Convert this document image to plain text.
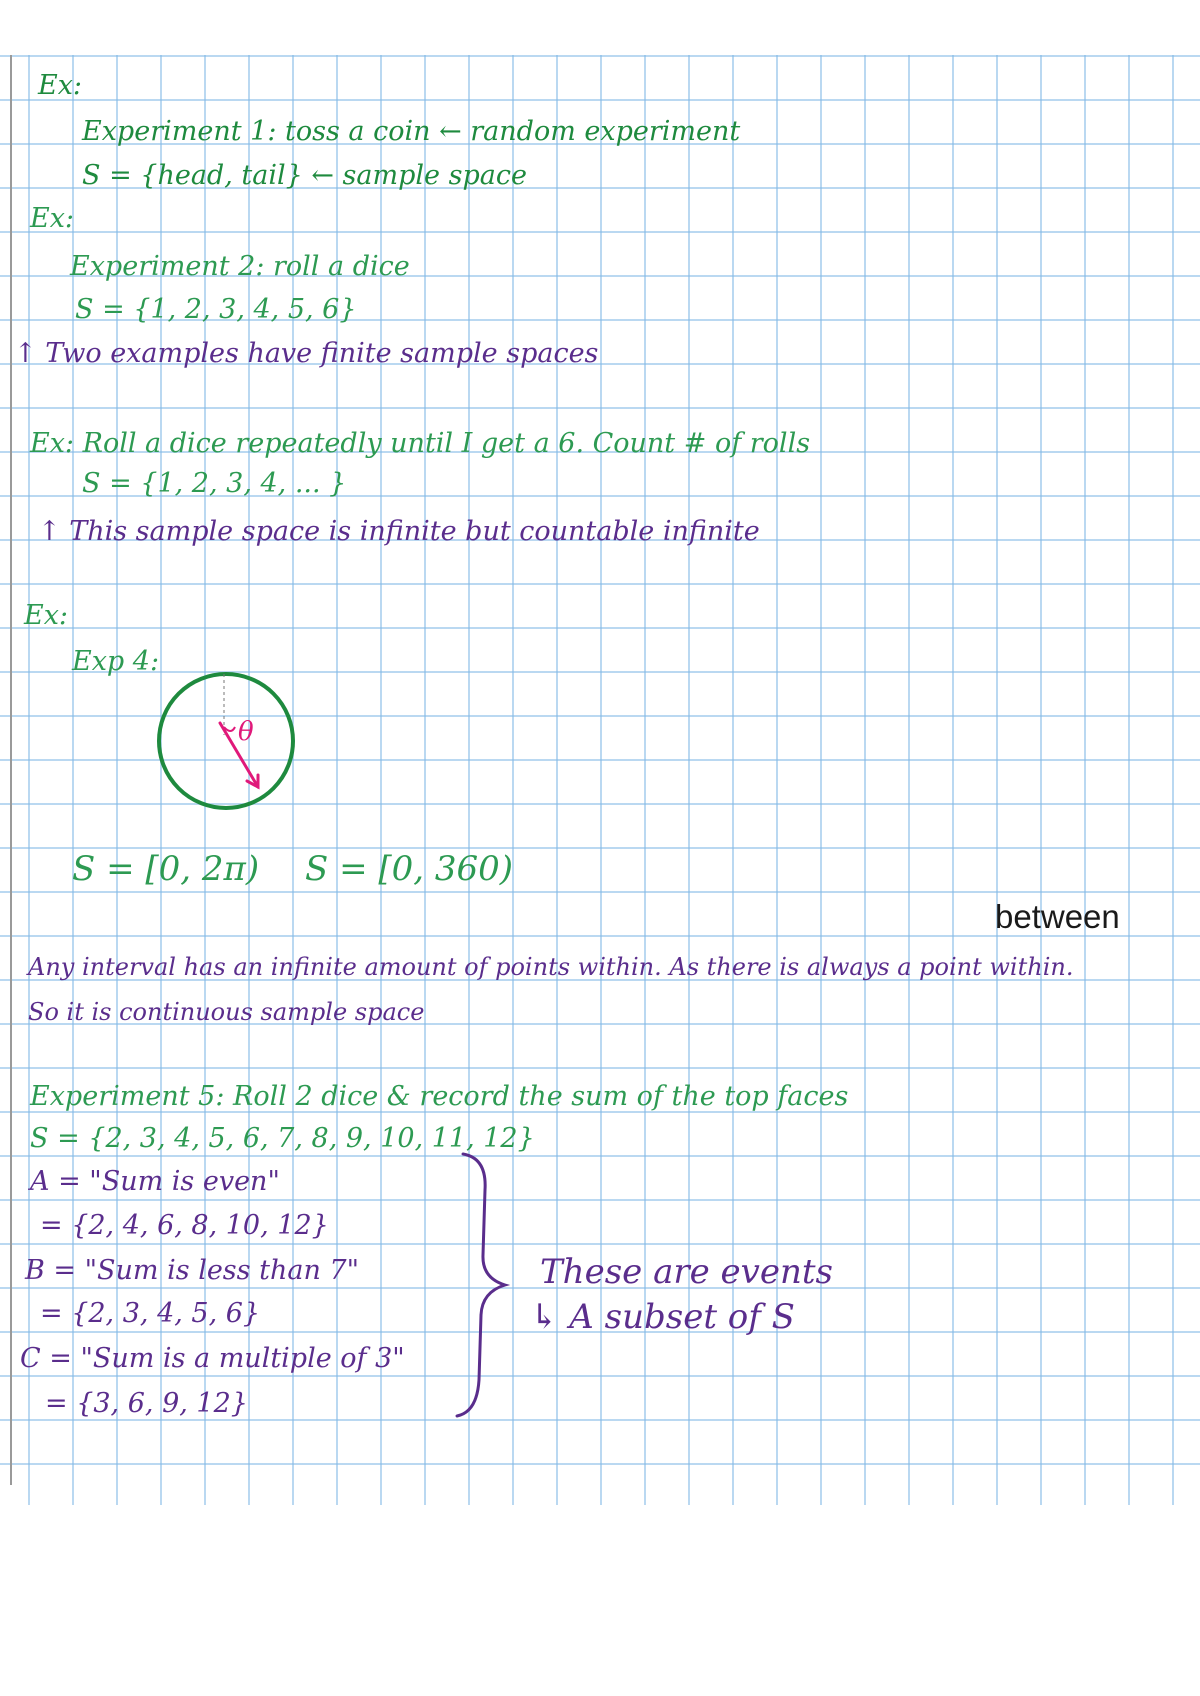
Ex:

Experiment 1: toss a coin ← random experiment

S = {head, tail} ← sample space

Ex:

Experiment 2: roll a dice

S = {1, 2, 3, 4, 5, 6}

↑ Two examples have finite sample spaces

Ex: Roll a dice repeatedly until I get a 6. Count # of rolls

S = {1, 2, 3, 4, ... }

↑ This sample space is infinite but countable infinite

Ex:

Exp 4:

θ

S = [0, 2π) S = [0, 360)

between

Any interval has an infinite amount of points within. As there is always a point within.

So it is continuous sample space

Experiment 5: Roll 2 dice & record the sum of the top faces

S = {2, 3, 4, 5, 6, 7, 8, 9, 10, 11, 12}

A = "Sum is even"

= {2, 4, 6, 8, 10, 12}

B = "Sum is less than 7"

= {2, 3, 4, 5, 6}

C = "Sum is a multiple of 3"

= {3, 6, 9, 12}

These are events

↳ A subset of S
